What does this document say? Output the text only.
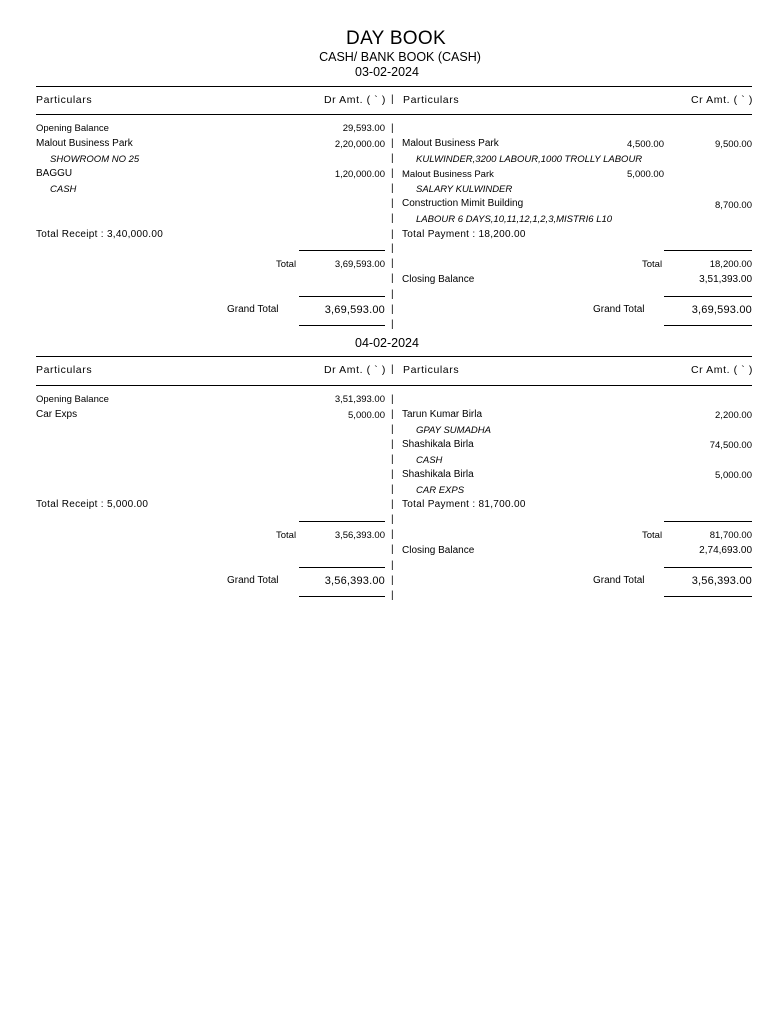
DAY BOOK
CASH/ BANK BOOK (CASH)
03-02-2024
Particulars	Dr Amt. ( ` ) | Particulars	Cr Amt. ( ` )
Opening Balance	29,593.00 |
Malout Business Park	2,20,000.00 | Malout Business Park	4,500.00	9,500.00
SHOWROOM NO 25	| KULWINDER,3200 LABOUR,1000 TROLLY LABOUR
BAGGU	1,20,000.00 | Malout Business Park	5,000.00
CASH	| SALARY KULWINDER
| Construction Mimit Building	8,700.00
| LABOUR 6 DAYS,10,11,12,1,2,3,MISTRI6 L10
Total Receipt : 3,40,000.00	| Total Payment : 18,200.00
|
Total	3,69,593.00 |	Total	18,200.00
| Closing Balance	3,51,393.00
|
Grand Total	3,69,593.00 |	Grand Total	3,69,593.00
|
04-02-2024
Particulars	Dr Amt. ( ` ) | Particulars	Cr Amt. ( ` )
Opening Balance	3,51,393.00 |
Car Exps	5,000.00 | Tarun Kumar Birla	2,200.00
| GPAY SUMADHA
| Shashikala Birla	74,500.00
| CASH
| Shashikala Birla	5,000.00
| CAR EXPS
Total Receipt : 5,000.00	| Total Payment : 81,700.00
|
Total	3,56,393.00 |	Total	81,700.00
| Closing Balance	2,74,693.00
|
Grand Total	3,56,393.00 |	Grand Total	3,56,393.00
|
